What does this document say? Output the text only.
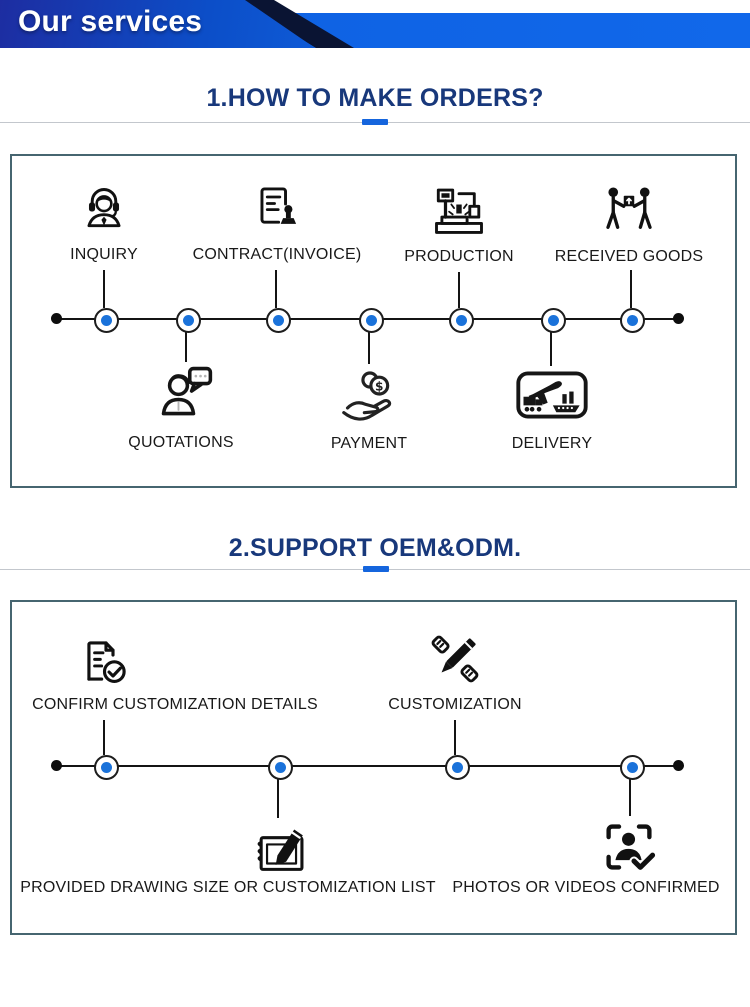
Our services
1.HOW TO MAKE ORDERS?
INQUIRY	CONTRACT(INVOICE)	PRODUCTION	RECEIVED GOODS
$
QUOTATIONS	PAYMENT	DELIVERY
2.SUPPORT OEM&ODM.
CONFIRM CUSTOMIZATION DETAILS	CUSTOMIZATION
PROVIDED DRAWING SIZE OR CUSTOMIZATION LIST PHOTOS OR VIDEOS CONFIRMED
